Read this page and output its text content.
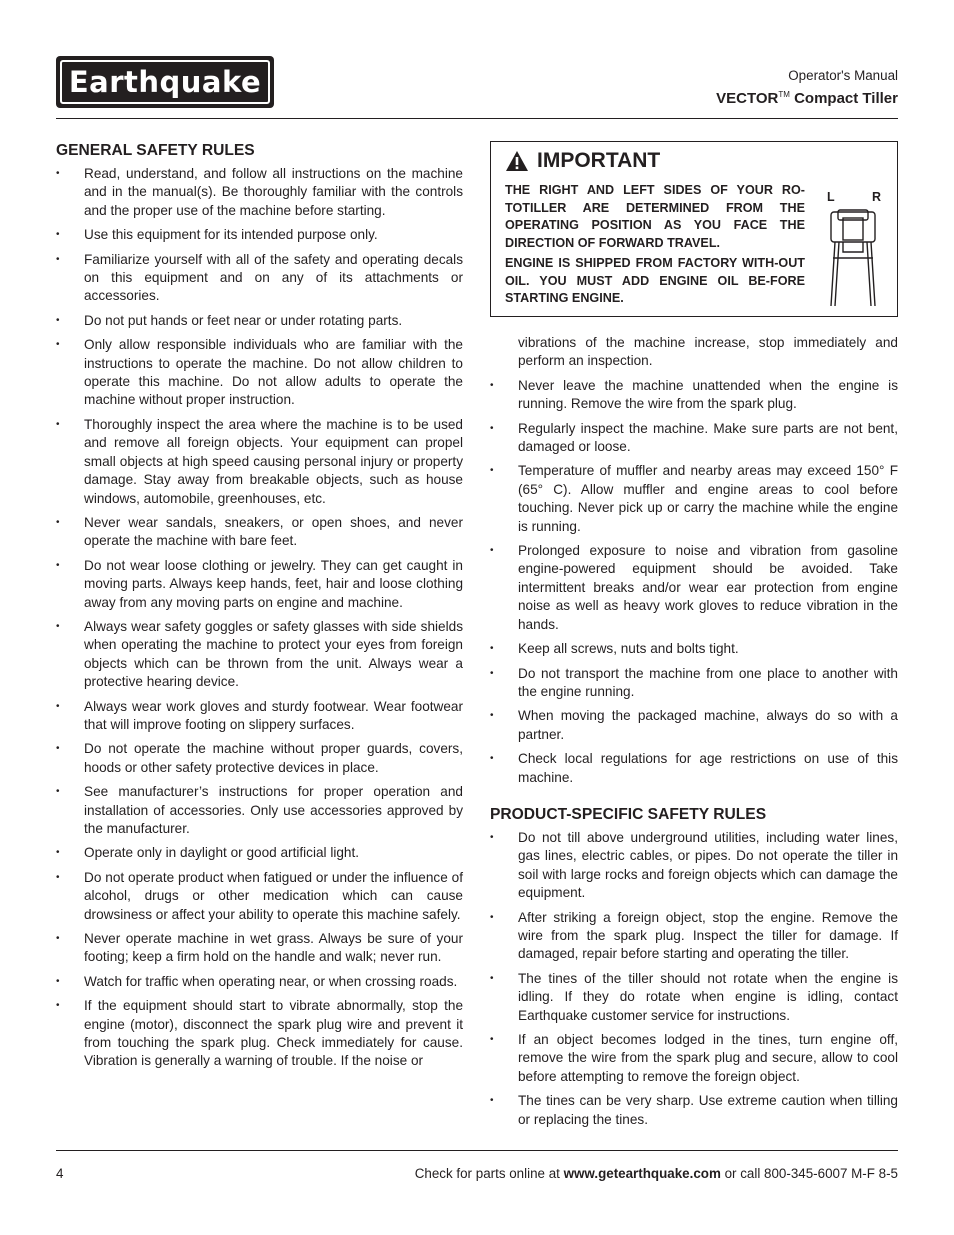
Earthquake	Operator's Manual
VECTOR™ Compact Tiller
GENERAL SAFETY RULES
• Read, understand, and follow all instructions on the machine and in the manual(s). Be thoroughly familiar with the controls and the proper use of the machine before starting.
• Use this equipment for its intended purpose only.
• Familiarize yourself with all of the safety and operating decals on this equipment and on any of its attachments or accessories.
• Do not put hands or feet near or under rotating parts.
• Only allow responsible individuals who are familiar with the instructions to operate the machine. Do not allow children to operate this machine. Do not allow adults to operate the machine without proper instruction.
• Thoroughly inspect the area where the machine is to be used and remove all foreign objects. Your equipment can propel small objects at high speed causing personal injury or property damage. Stay away from breakable objects, such as house windows, automobile, greenhouses, etc.
• Never wear sandals, sneakers, or open shoes, and never operate the machine with bare feet.
• Do not wear loose clothing or jewelry. They can get caught in moving parts. Always keep hands, feet, hair and loose clothing away from any moving parts on engine and machine.
• Always wear safety goggles or safety glasses with side shields when operating the machine to protect your eyes from foreign objects which can be thrown from the unit. Always wear a protective hearing device.
• Always wear work gloves and sturdy footwear. Wear footwear that will improve footing on slippery surfaces.
• Do not operate the machine without proper guards, covers, hoods or other safety protective devices in place.
• See manufacturer’s instructions for proper operation and installation of accessories. Only use accessories approved by the manufacturer.
• Operate only in daylight or good artificial light.
• Do not operate product when fatigued or under the influence of alcohol, drugs or other medication which can cause drowsiness or affect your ability to operate this machine safely.
• Never operate machine in wet grass. Always be sure of your footing; keep a firm hold on the handle and walk; never run.
• Watch for traffic when operating near, or when crossing roads.
• If the equipment should start to vibrate abnormally, stop the engine (motor), disconnect the spark plug wire and prevent it from touching the spark plug. Check immediately for cause. Vibration is generally a warning of trouble. If the noise or
IMPORTANT
THE RIGHT AND LEFT SIDES OF YOUR RO-TOTILLER ARE DETERMINED FROM THE OPERATING POSITION AS YOU FACE THE DIRECTION OF FORWARD TRAVEL.
ENGINE IS SHIPPED FROM FACTORY WITH-OUT OIL. YOU MUST ADD ENGINE OIL BE-FORE STARTING ENGINE.
L	R
vibrations of the machine increase, stop immediately and perform an inspection.
• Never leave the machine unattended when the engine is running. Remove the wire from the spark plug.
• Regularly inspect the machine. Make sure parts are not bent, damaged or loose.
• Temperature of muffler and nearby areas may exceed 150° F (65° C). Allow muffler and engine areas to cool before touching. Never pick up or carry the machine while the engine is running.
• Prolonged exposure to noise and vibration from gasoline engine-powered equipment should be avoided. Take intermittent breaks and/or wear ear protection from engine noise as well as heavy work gloves to reduce vibration in the hands.
• Keep all screws, nuts and bolts tight.
• Do not transport the machine from one place to another with the engine running.
• When moving the packaged machine, always do so with a partner.
• Check local regulations for age restrictions on use of this machine.
PRODUCT-SPECIFIC SAFETY RULES
• Do not till above underground utilities, including water lines, gas lines, electric cables, or pipes. Do not operate the tiller in soil with large rocks and foreign objects which can damage the equipment.
• After striking a foreign object, stop the engine. Remove the wire from the spark plug. Inspect the tiller for damage. If damaged, repair before starting and operating the tiller.
• The tines of the tiller should not rotate when the engine is idling. If they do rotate when engine is idling, contact Earthquake customer service for instructions.
• If an object becomes lodged in the tines, turn engine off, remove the wire from the spark plug and secure, allow to cool before attempting to remove the foreign object.
• The tines can be very sharp. Use extreme caution when tilling or replacing the tines.
4	Check for parts online at www.getearthquake.com or call 800-345-6007 M-F 8-5
